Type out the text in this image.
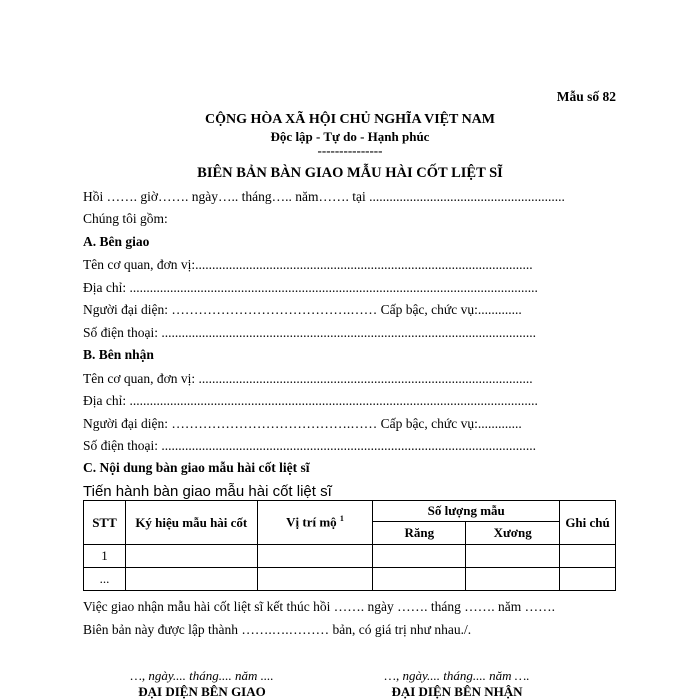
Mẫu số 82
CỘNG HÒA XÃ HỘI CHỦ NGHĨA VIỆT NAM
Độc lập - Tự do - Hạnh phúc
---------------
BIÊN BẢN BÀN GIAO MẪU HÀI CỐT LIỆT SĨ
Hồi ……. giờ……. ngày….. tháng….. năm……. tại ..........................................................
Chúng tôi gồm:
A. Bên giao
Tên cơ quan, đơn vị:....................................................................................................
Địa chỉ: .........................................................................................................................
Người đại diện: ………………………………….…… Cấp bậc, chức vụ:.............
Số điện thoại: ...............................................................................................................
B. Bên nhận
Tên cơ quan, đơn vị: ...................................................................................................
Địa chỉ: .........................................................................................................................
Người đại diện: ………………………………….…… Cấp bậc, chức vụ:.............
Số điện thoại: ...............................................................................................................
C. Nội dung bàn giao mẫu hài cốt liệt sĩ
Tiến hành bàn giao mẫu hài cốt liệt sĩ
STT	Ký hiệu mẫu hài cốt	Vị trí mộ $^1$	Số lượng mẫu		Ghi chú
			Răng	Xương	
1					
...					
Việc giao nhận mẫu hài cốt liệt sĩ kết thúc hồi ……. ngày ……. tháng ……. năm …….
Biên bản này được lập thành …….….……… bản, có giá trị như nhau./.
…, ngày.... tháng.... năm ....
ĐẠI DIỆN BÊN GIAO
…, ngày.... tháng.... năm ….
ĐẠI DIỆN BÊN NHẬN
